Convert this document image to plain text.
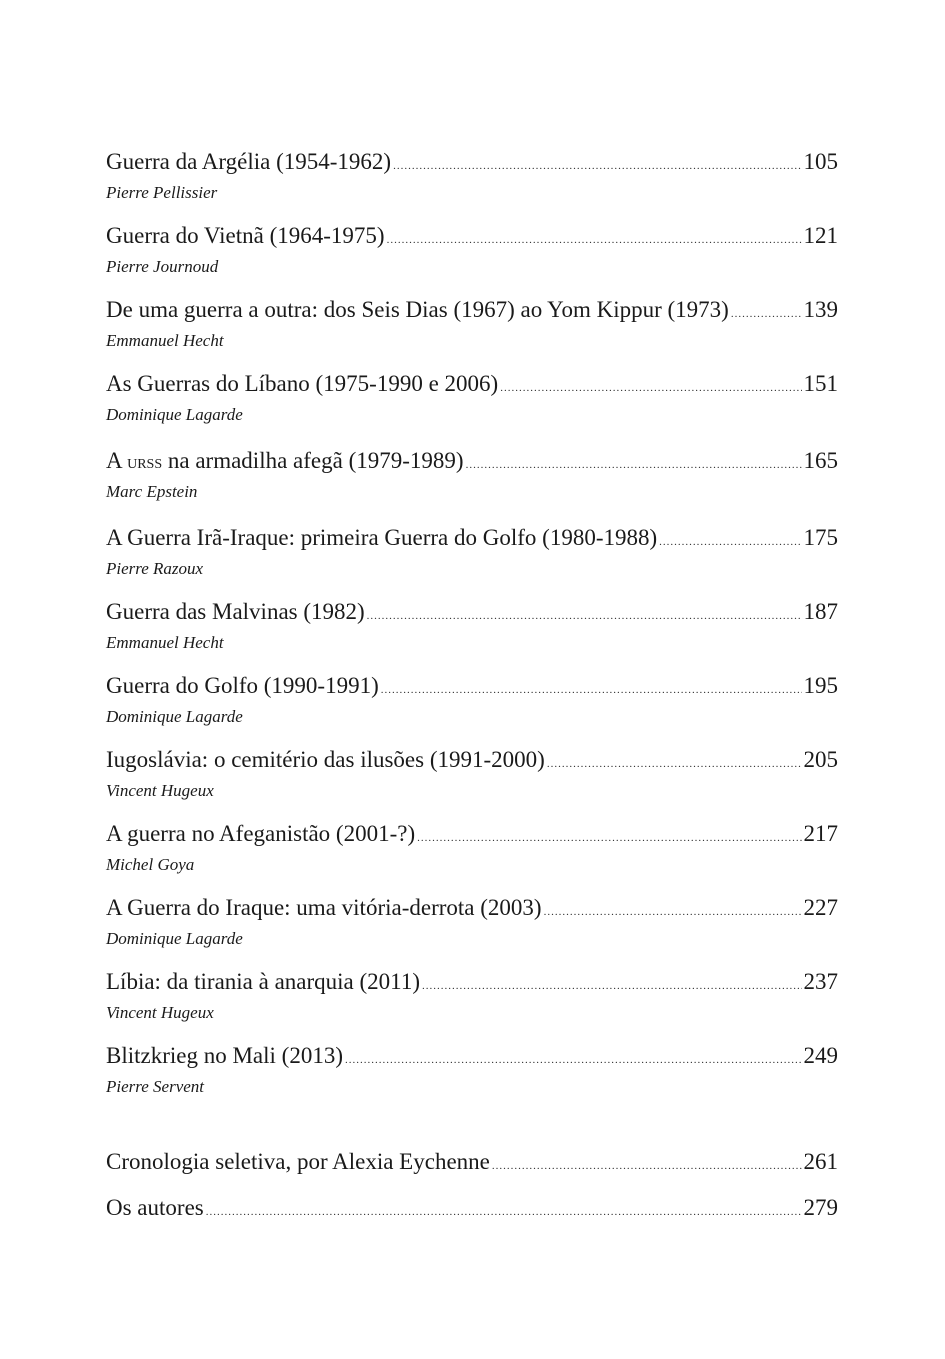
Guerra da Argélia (1954-1962) .....	105
Pierre Pellissier
Guerra do Vietnã (1964-1975) .....	121
Pierre Journoud
De uma guerra a outra: dos Seis Dias (1967) ao Yom Kippur (1973) .....	139
Emmanuel Hecht
As Guerras do Líbano (1975-1990 e 2006) .....	151
Dominique Lagarde
A urss na armadilha afegã (1979-1989) .....	165
Marc Epstein
A Guerra Irã-Iraque: primeira Guerra do Golfo (1980-1988) .....	175
Pierre Razoux
Guerra das Malvinas (1982) .....	187
Emmanuel Hecht
Guerra do Golfo (1990-1991) .....	195
Dominique Lagarde
Iugoslávia: o cemitério das ilusões (1991-2000) .....	205
Vincent Hugeux
A guerra no Afeganistão (2001-?) .....	217
Michel Goya
A Guerra do Iraque: uma vitória-derrota (2003) .....	227
Dominique Lagarde
Líbia: da tirania à anarquia (2011) .....	237
Vincent Hugeux
Blitzkrieg no Mali (2013) .....	249
Pierre Servent
Cronologia seletiva, por Alexia Eychenne .....	261
Os autores .....	279
